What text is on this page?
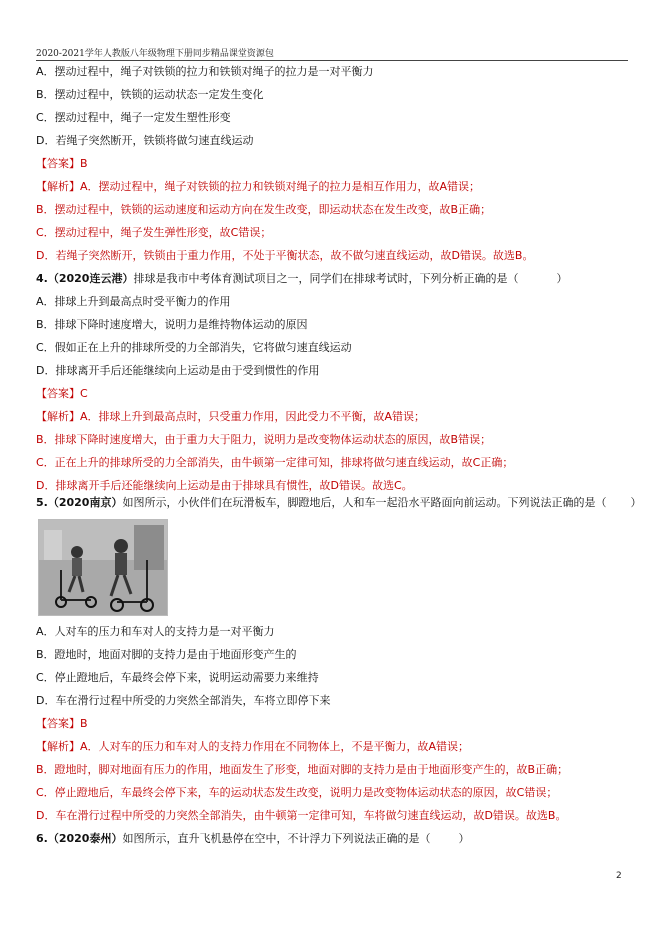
2020-2021学年人教版八年级物理下册同步精品课堂资源包
A．摆动过程中，绳子对铁锁的拉力和铁锁对绳子的拉力是一对平衡力
B．摆动过程中，铁锁的运动状态一定发生变化
C．摆动过程中，绳子一定发生塑性形变
D．若绳子突然断开，铁锁将做匀速直线运动
【答案】B
【解析】A．摆动过程中，绳子对铁锁的拉力和铁锁对绳子的拉力是相互作用力，故A错误；
B．摆动过程中，铁锁的运动速度和运动方向在发生改变，即运动状态在发生改变，故B正确；
C．摆动过程中，绳子发生弹性形变，故C错误；
D．若绳子突然断开，铁锁由于重力作用，不处于平衡状态，故不做匀速直线运动，故D错误。故选B。
4.（2020连云港）排球是我市中考体育测试项目之一，同学们在排球考试时，下列分析正确的是（	）
A．排球上升到最高点时受平衡力的作用
B．排球下降时速度增大，说明力是维持物体运动的原因
C．假如正在上升的排球所受的力全部消失，它将做匀速直线运动
D．排球离开手后还能继续向上运动是由于受到惯性的作用
【答案】C
【解析】A．排球上升到最高点时，只受重力作用，因此受力不平衡，故A错误；
B．排球下降时速度增大，由于重力大于阻力，说明力是改变物体运动状态的原因，故B错误；
C．正在上升的排球所受的力全部消失，由牛顿第一定律可知，排球将做匀速直线运动，故C正确；
D．排球离开手后还能继续向上运动是由于排球具有惯性，故D错误。故选C。
5.（2020南京）如图所示，小伙伴们在玩滑板车，脚蹬地后，人和车一起沿水平路面向前运动。下列说法正确的是（ ）
A．人对车的压力和车对人的支持力是一对平衡力
B．蹬地时，地面对脚的支持力是由于地面形变产生的
C．停止蹬地后，车最终会停下来，说明运动需要力来维持
D．车在滑行过程中所受的力突然全部消失，车将立即停下来
【答案】B
【解析】A．人对车的压力和车对人的支持力作用在不同物体上，不是平衡力，故A错误；
B．蹬地时，脚对地面有压力的作用，地面发生了形变，地面对脚的支持力是由于地面形变产生的，故B正确；
C．停止蹬地后，车最终会停下来，车的运动状态发生改变，说明力是改变物体运动状态的原因，故C错误；
D．车在滑行过程中所受的力突然全部消失，由牛顿第一定律可知，车将做匀速直线运动，故D错误。故选B。
6.（2020泰州）如图所示，直升飞机悬停在空中，不计浮力下列说法正确的是（	）
2
